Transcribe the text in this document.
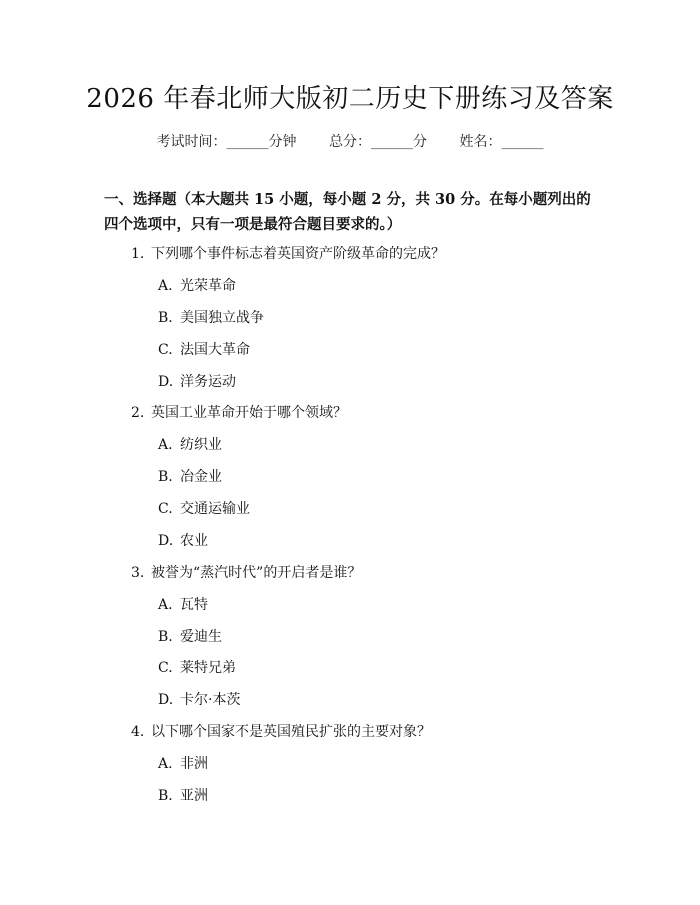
2026 年春北师大版初二历史下册练习及答案
考试时间：______分钟 总分：______分 姓名：______
一、选择题（本大题共 15 小题，每小题 2 分，共 30 分。在每小题列出的四个选项中，只有一项是最符合题目要求的。）
1. 下列哪个事件标志着英国资产阶级革命的完成？
A. 光荣革命
B. 美国独立战争
C. 法国大革命
D. 洋务运动
2. 英国工业革命开始于哪个领域？
A. 纺织业
B. 冶金业
C. 交通运输业
D. 农业
3. 被誉为“蒸汽时代”的开启者是谁？
A. 瓦特
B. 爱迪生
C. 莱特兄弟
D. 卡尔·本茨
4. 以下哪个国家不是英国殖民扩张的主要对象？
A. 非洲
B. 亚洲
